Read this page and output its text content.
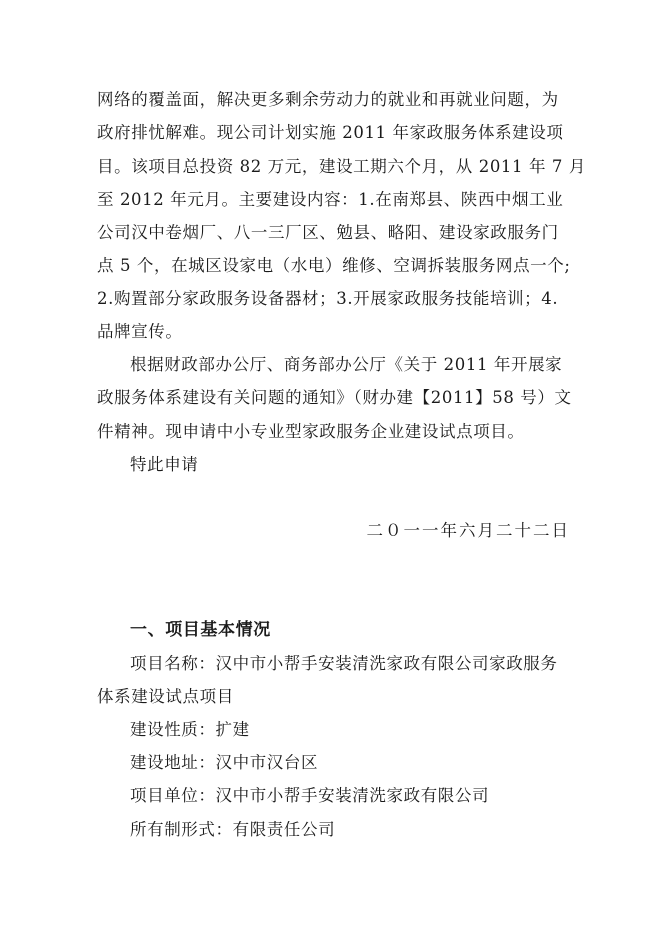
网络的覆盖面，解决更多剩余劳动力的就业和再就业问题，为
政府排忧解难。现公司计划实施 2011 年家政服务体系建设项
目。该项目总投资 82 万元，建设工期六个月，从 2011 年 7 月
至 2012 年元月。主要建设内容：1.在南郑县、陕西中烟工业
公司汉中卷烟厂、八一三厂区、勉县、略阳、建设家政服务门
点 5 个，在城区设家电（水电）维修、空调拆装服务网点一个;
2.购置部分家政服务设备器材；3.开展家政服务技能培训；4.
品牌宣传。
根据财政部办公厅、商务部办公厅《关于 2011 年开展家
政服务体系建设有关问题的通知》（财办建【2011】58 号）文
件精神。现申请中小专业型家政服务企业建设试点项目。
特此申请
二０一一年六月二十二日
一、项目基本情况
项目名称：汉中市小帮手安装清洗家政有限公司家政服务
体系建设试点项目
建设性质：扩建
建设地址：汉中市汉台区
项目单位：汉中市小帮手安装清洗家政有限公司
所有制形式：有限责任公司
